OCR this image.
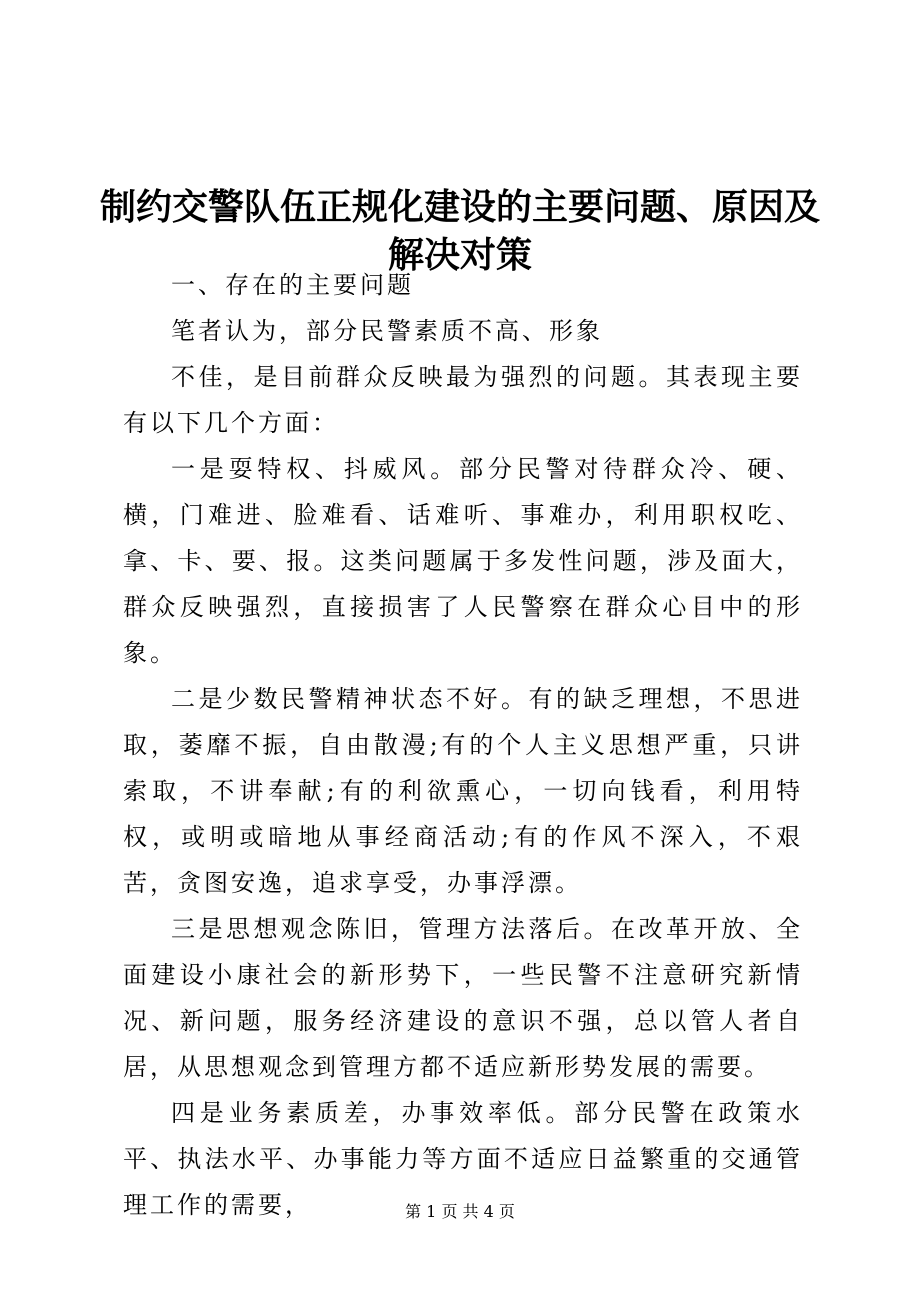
制约交警队伍正规化建设的主要问题、原因及解决对策

一、存在的主要问题

笔者认为，部分民警素质不高、形象

不佳，是目前群众反映最为强烈的问题。其表现主要有以下几个方面：

一是耍特权、抖威风。部分民警对待群众冷、硬、横，门难进、脸难看、话难听、事难办，利用职权吃、拿、卡、要、报。这类问题属于多发性问题，涉及面大，群众反映强烈，直接损害了人民警察在群众心目中的形象。

二是少数民警精神状态不好。有的缺乏理想，不思进取，萎靡不振，自由散漫;有的个人主义思想严重，只讲索取，不讲奉献;有的利欲熏心，一切向钱看，利用特权，或明或暗地从事经商活动;有的作风不深入，不艰苦，贪图安逸，追求享受，办事浮漂。

三是思想观念陈旧，管理方法落后。在改革开放、全面建设小康社会的新形势下，一些民警不注意研究新情况、新问题，服务经济建设的意识不强，总以管人者自居，从思想观念到管理方都不适应新形势发展的需要。

四是业务素质差，办事效率低。部分民警在政策水平、执法水平、办事能力等方面不适应日益繁重的交通管理工作的需要，	第 1 页 共 4 页
